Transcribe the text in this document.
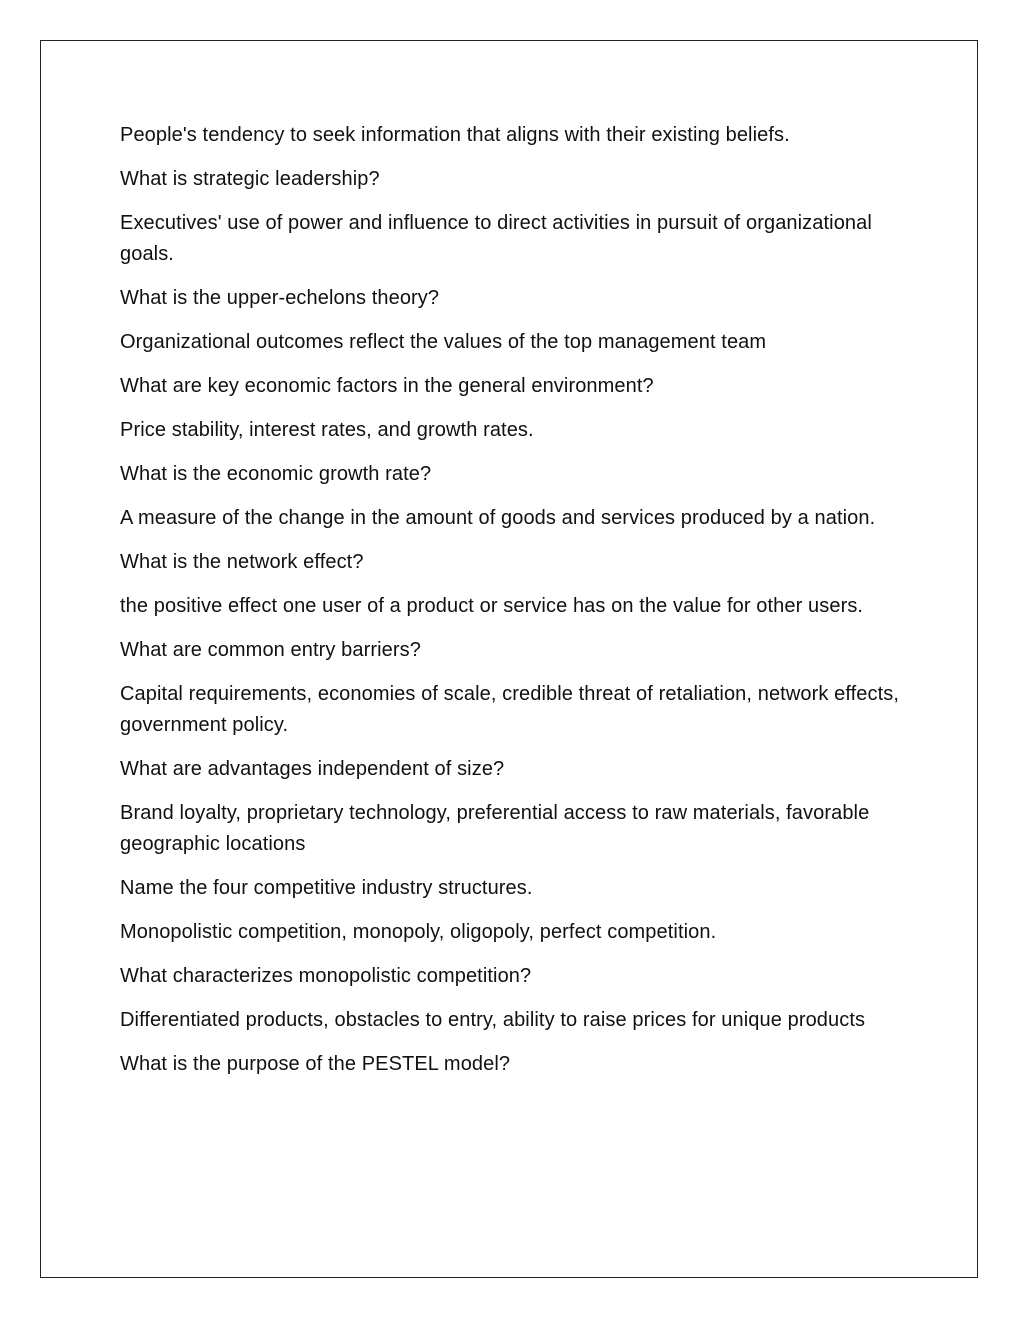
People's tendency to seek information that aligns with their existing beliefs.

What is strategic leadership?

Executives' use of power and influence to direct activities in pursuit of organizational goals.

What is the upper-echelons theory?

Organizational outcomes reflect the values of the top management team

What are key economic factors in the general environment?

Price stability, interest rates, and growth rates.

What is the economic growth rate?

A measure of the change in the amount of goods and services produced by a nation.

What is the network effect?

the positive effect one user of a product or service has on the value for other users.

What are common entry barriers?

Capital requirements, economies of scale, credible threat of retaliation, network effects, government policy.

What are advantages independent of size?

Brand loyalty, proprietary technology, preferential access to raw materials, favorable geographic locations

Name the four competitive industry structures.

Monopolistic competition, monopoly, oligopoly, perfect competition.

What characterizes monopolistic competition?

Differentiated products, obstacles to entry, ability to raise prices for unique products

What is the purpose of the PESTEL model?
